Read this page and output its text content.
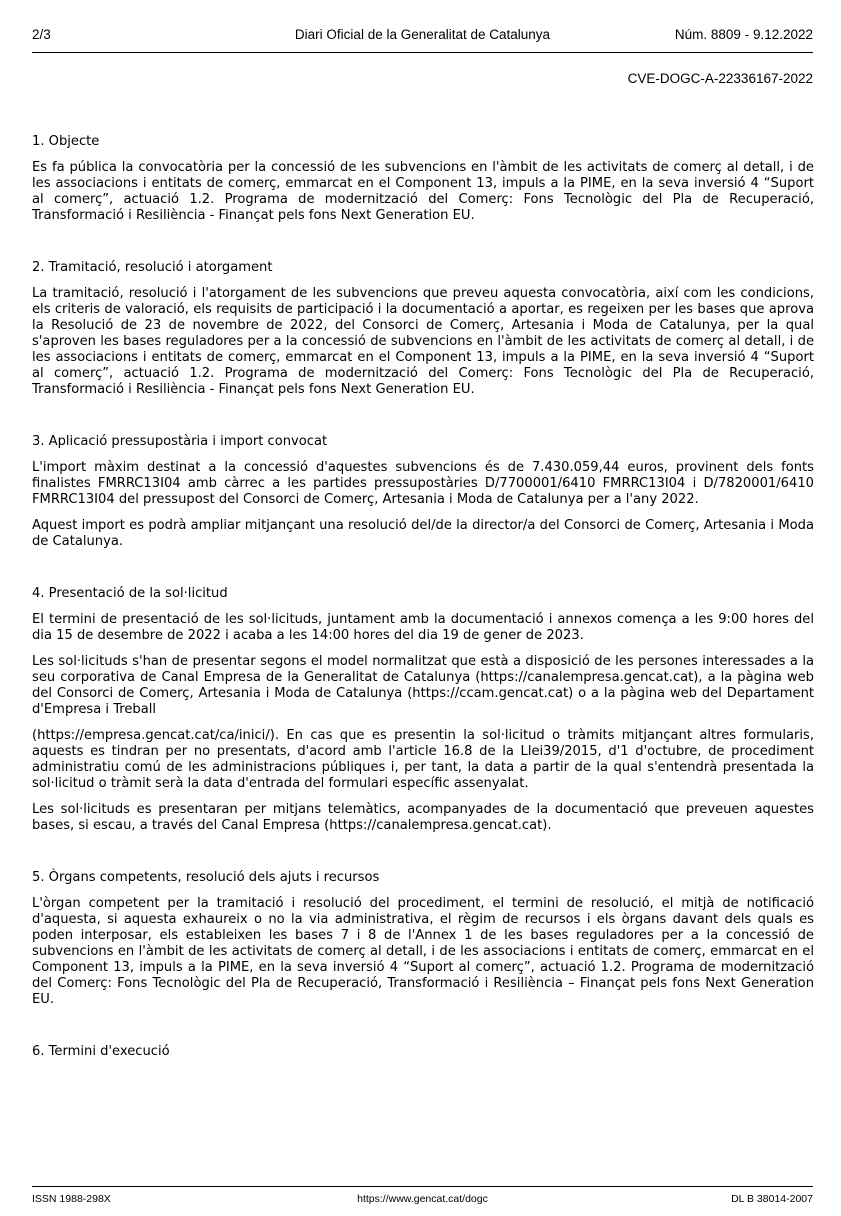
2/3	Diari Oficial de la Generalitat de Catalunya	Núm. 8809 - 9.12.2022
CVE-DOGC-A-22336167-2022
1. Objecte

Es fa pública la convocatòria per la concessió de les subvencions en l'àmbit de les activitats de comerç al detall, i de les associacions i entitats de comerç, emmarcat en el Component 13, impuls a la PIME, en la seva inversió 4 “Suport al comerç”, actuació 1.2. Programa de modernització del Comerç: Fons Tecnològic del Pla de Recuperació, Transformació i Resiliència - Finançat pels fons Next Generation EU.

2. Tramitació, resolució i atorgament

La tramitació, resolució i l'atorgament de les subvencions que preveu aquesta convocatòria, així com les condicions, els criteris de valoració, els requisits de participació i la documentació a aportar, es regeixen per les bases que aprova la Resolució de 23 de novembre de 2022, del Consorci de Comerç, Artesania i Moda de Catalunya, per la qual s'aproven les bases reguladores per a la concessió de subvencions en l'àmbit de les activitats de comerç al detall, i de les associacions i entitats de comerç, emmarcat en el Component 13, impuls a la PIME, en la seva inversió 4 “Suport al comerç”, actuació 1.2. Programa de modernització del Comerç: Fons Tecnològic del Pla de Recuperació, Transformació i Resiliència - Finançat pels fons Next Generation EU.

3. Aplicació pressupostària i import convocat

L'import màxim destinat a la concessió d'aquestes subvencions és de 7.430.059,44 euros, provinent dels fonts finalistes FMRRC13I04 amb càrrec a les partides pressupostàries D/7700001/6410 FMRRC13I04 i D/7820001/6410 FMRRC13I04 del pressupost del Consorci de Comerç, Artesania i Moda de Catalunya per a l'any 2022.

Aquest import es podrà ampliar mitjançant una resolució del/de la director/a del Consorci de Comerç, Artesania i Moda de Catalunya.

4. Presentació de la sol·licitud

El termini de presentació de les sol·licituds, juntament amb la documentació i annexos comença a les 9:00 hores del dia 15 de desembre de 2022 i acaba a les 14:00 hores del dia 19 de gener de 2023.

Les sol·licituds s'han de presentar segons el model normalitzat que està a disposició de les persones interessades a la seu corporativa de Canal Empresa de la Generalitat de Catalunya (https://canalempresa.gencat.cat), a la pàgina web del Consorci de Comerç, Artesania i Moda de Catalunya (https://ccam.gencat.cat) o a la pàgina web del Departament d'Empresa i Treball

(https://empresa.gencat.cat/ca/inici/). En cas que es presentin la sol·licitud o tràmits mitjançant altres formularis, aquests es tindran per no presentats, d'acord amb l'article 16.8 de la Llei39/2015, d'1 d'octubre, de procediment administratiu comú de les administracions públiques i, per tant, la data a partir de la qual s'entendrà presentada la sol·licitud o tràmit serà la data d'entrada del formulari específic assenyalat.

Les sol·licituds es presentaran per mitjans telemàtics, acompanyades de la documentació que preveuen aquestes bases, si escau, a través del Canal Empresa (https://canalempresa.gencat.cat).

5. Òrgans competents, resolució dels ajuts i recursos

L'òrgan competent per la tramitació i resolució del procediment, el termini de resolució, el mitjà de notificació d'aquesta, si aquesta exhaureix o no la via administrativa, el règim de recursos i els òrgans davant dels quals es poden interposar, els estableixen les bases 7 i 8 de l'Annex 1 de les bases reguladores per a la concessió de subvencions en l'àmbit de les activitats de comerç al detall, i de les associacions i entitats de comerç, emmarcat en el Component 13, impuls a la PIME, en la seva inversió 4 “Suport al comerç”, actuació 1.2. Programa de modernització del Comerç: Fons Tecnològic del Pla de Recuperació, Transformació i Resiliència – Finançat pels fons Next Generation EU.

6. Termini d'execució
ISSN 1988-298X	https://www.gencat.cat/dogc	DL B 38014-2007
